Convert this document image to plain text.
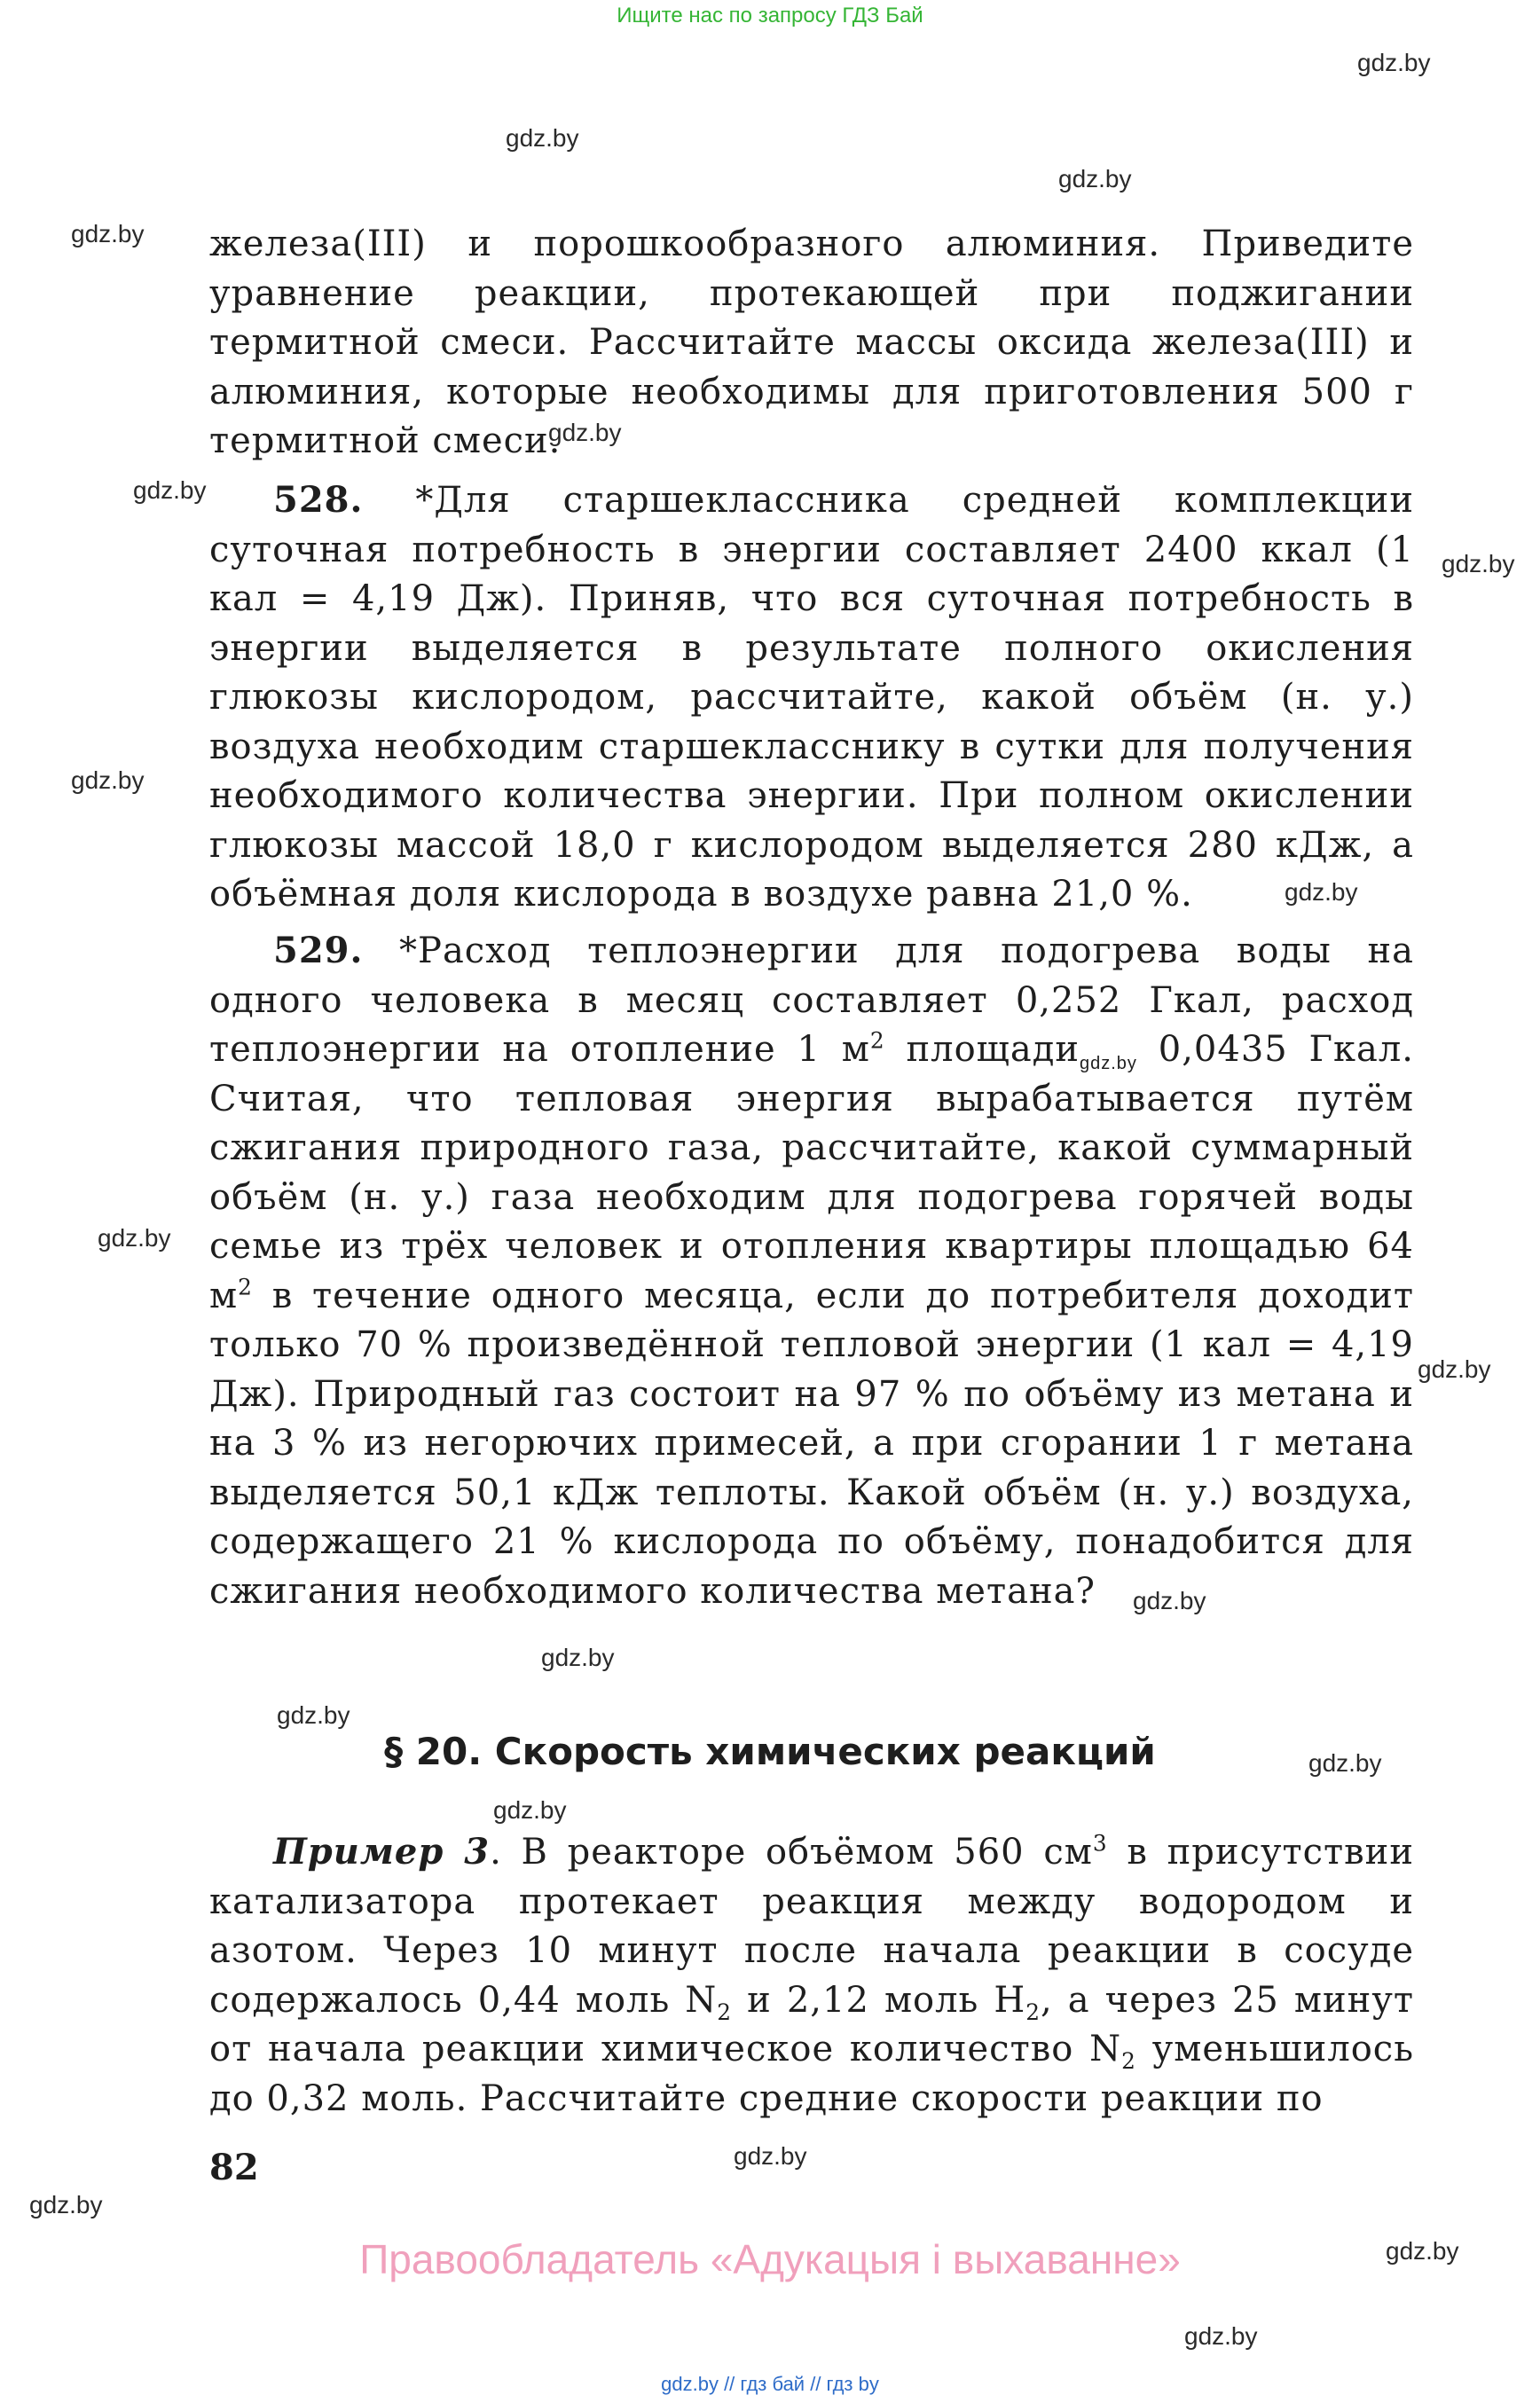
Ищите нас по запросу ГДЗ Бай
gdz.by
gdz.by
gdz.by
gdz.by
gdz.by
gdz.by
gdz.by
gdz.by
gdz.by
gdz.by
gdz.by
gdz.by
gdz.by
gdz.by
gdz.by
gdz.by
gdz.by
gdz.by
gdz.by
gdz.by

железа(III) и порошкообразного алюминия. Приведите уравнение реакции, протекающей при поджигании термитной смеси. Рассчитайте массы оксида железа(III) и алюминия, которые необходимы для приготовления 500 г термитной смеси.

528. *Для старшеклассника средней комплекции суточная потребность в энергии составляет 2400 ккал (1 кал = 4,19 Дж). Приняв, что вся суточная потребность в энергии выделяется в результате полного окисления глюкозы кислородом, рассчитайте, какой объём (н. у.) воздуха необходим старшекласснику в сутки для получения необходимого количества энергии. При полном окислении глюкозы массой 18,0 г кислородом выделяется 280 кДж, а объёмная доля кислорода в воздухе равна 21,0 %.

529. *Расход теплоэнергии для подогрева воды на одного человека в месяц составляет 0,252 Гкал, расход теплоэнергии на отопление 1 $м^2$ площади$_{gdz.by}$ 0,0435 Гкал. Считая, что тепловая энергия вырабатывается путём сжигания природного газа, рассчитайте, какой суммарный объём (н. у.) газа необходим для подогрева горячей воды семье из трёх человек и отопления квартиры площадью 64 $м^2$ в течение одного месяца, если до потребителя доходит только 70 % произведённой тепловой энергии (1 кал = 4,19 Дж). Природный газ состоит на 97 % по объёму из метана и на 3 % из негорючих примесей, а при сгорании 1 г метана выделяется 50,1 кДж теплоты. Какой объём (н. у.) воздуха, содержащего 21 % кислорода по объёму, понадобится для сжигания необходимого количества метана?

§ 20. Скорость химических реакций

Пример 3. В реакторе объёмом 560 $см^3$ в присутствии катализатора протекает реакция между водородом и азотом. Через 10 минут после начала реакции в сосуде содержалось 0,44 моль $N_2$ и 2,12 моль $H_2$, а через 25 минут от начала реакции химическое количество $N_2$ уменьшилось до 0,32 моль. Рассчитайте средние скорости реакции по

82
Правообладатель «Адукацыя і выхаванне»
gdz.by // гдз бай // гдз by
